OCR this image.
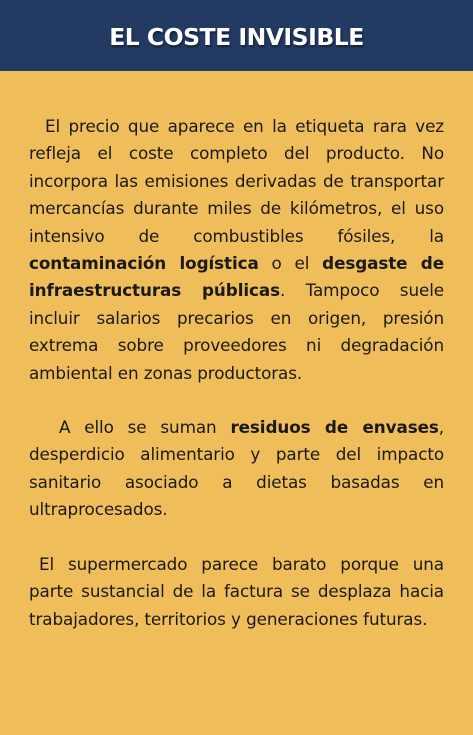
EL COSTE INVISIBLE

El precio que aparece en la etiqueta rara vez refleja el coste completo del producto. No incorpora las emisiones derivadas de transportar mercancías durante miles de kilómetros, el uso intensivo de combustibles fósiles, la contaminación logística o el desgaste de infraestructuras públicas. Tampoco suele incluir salarios precarios en origen, presión extrema sobre proveedores ni degradación ambiental en zonas productoras.

A ello se suman residuos de envases, desperdicio alimentario y parte del impacto sanitario asociado a dietas basadas en ultraprocesados.

El supermercado parece barato porque una parte sustancial de la factura se desplaza hacia trabajadores, territorios y generaciones futuras.
